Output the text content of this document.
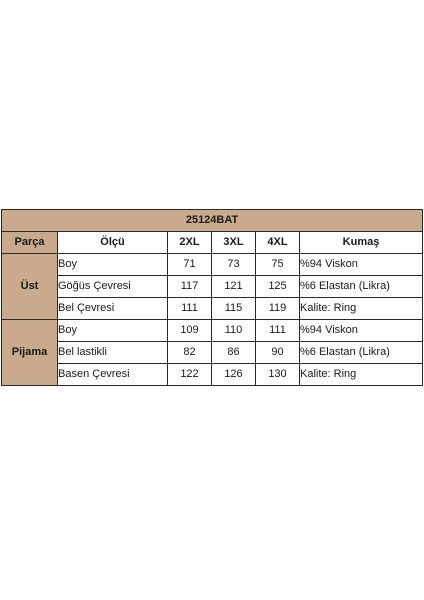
25124BAT					
Parça	Ölçü	2XL	3XL	4XL	Kumaş
Üst	Boy	71	73	75	%94 Viskon
	Göğüs Çevresi	117	121	125	%6 Elastan (Likra)
	Bel Çevresi	111	115	119	Kalite: Ring
Pijama	Boy	109	110	111	%94 Viskon
	Bel lastikli	82	86	90	%6 Elastan (Likra)
	Basen Çevresi	122	126	130	Kalite: Ring
